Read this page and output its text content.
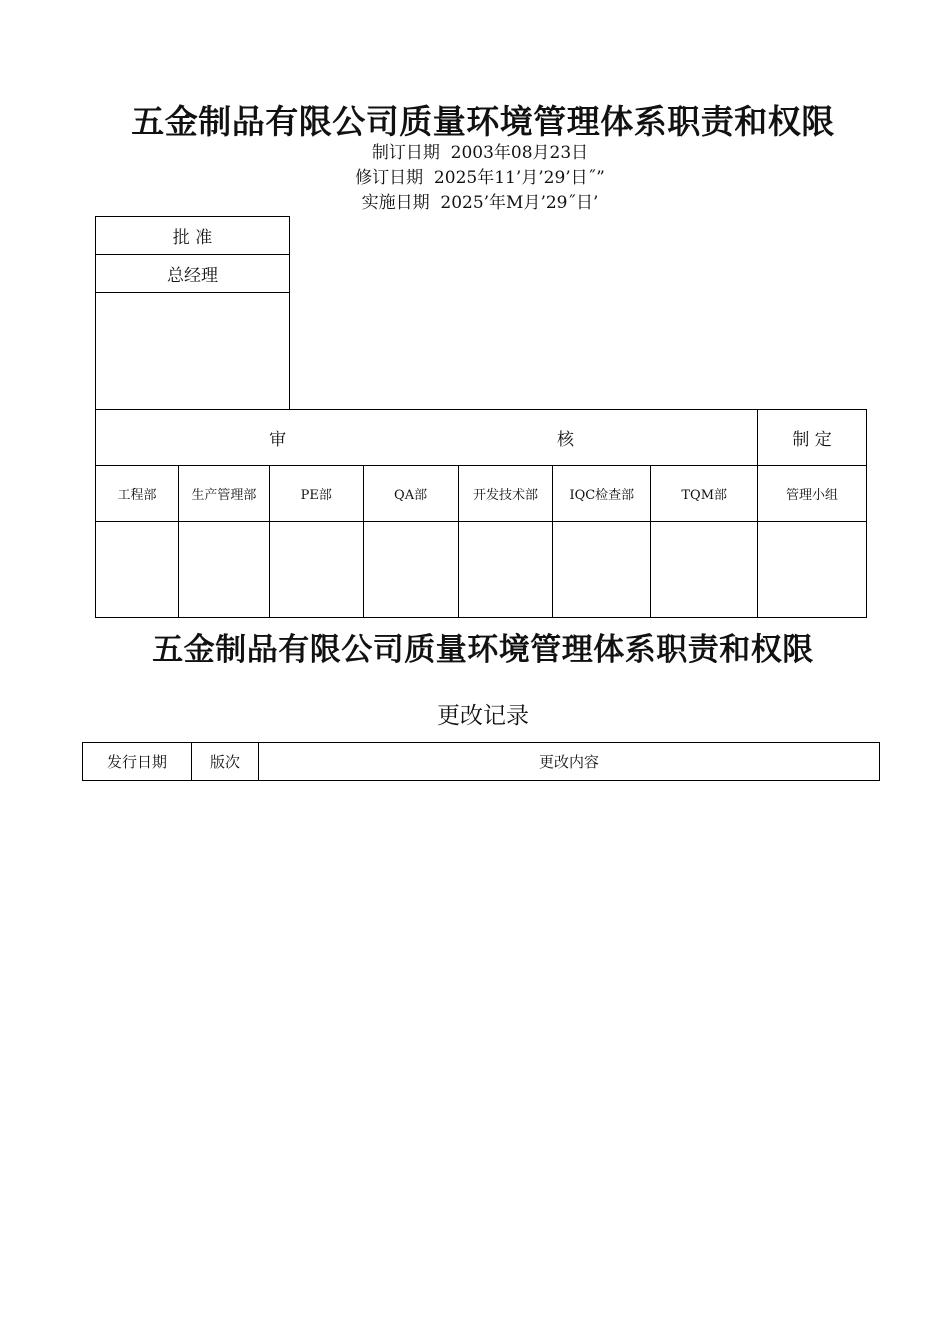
五金制品有限公司质量环境管理体系职责和权限
制订日期  2003年08月23日
修订日期  2025年11’月’29’日˝”
实施日期  2025’年M月’29˝日’
批 准
总经理

审 核							制 定
工程部	生产管理部	PE部	QA部	开发技术部	IQC检查部	TQM部	管理小组

五金制品有限公司质量环境管理体系职责和权限
更改记录
发行日期	版次	更改内容
